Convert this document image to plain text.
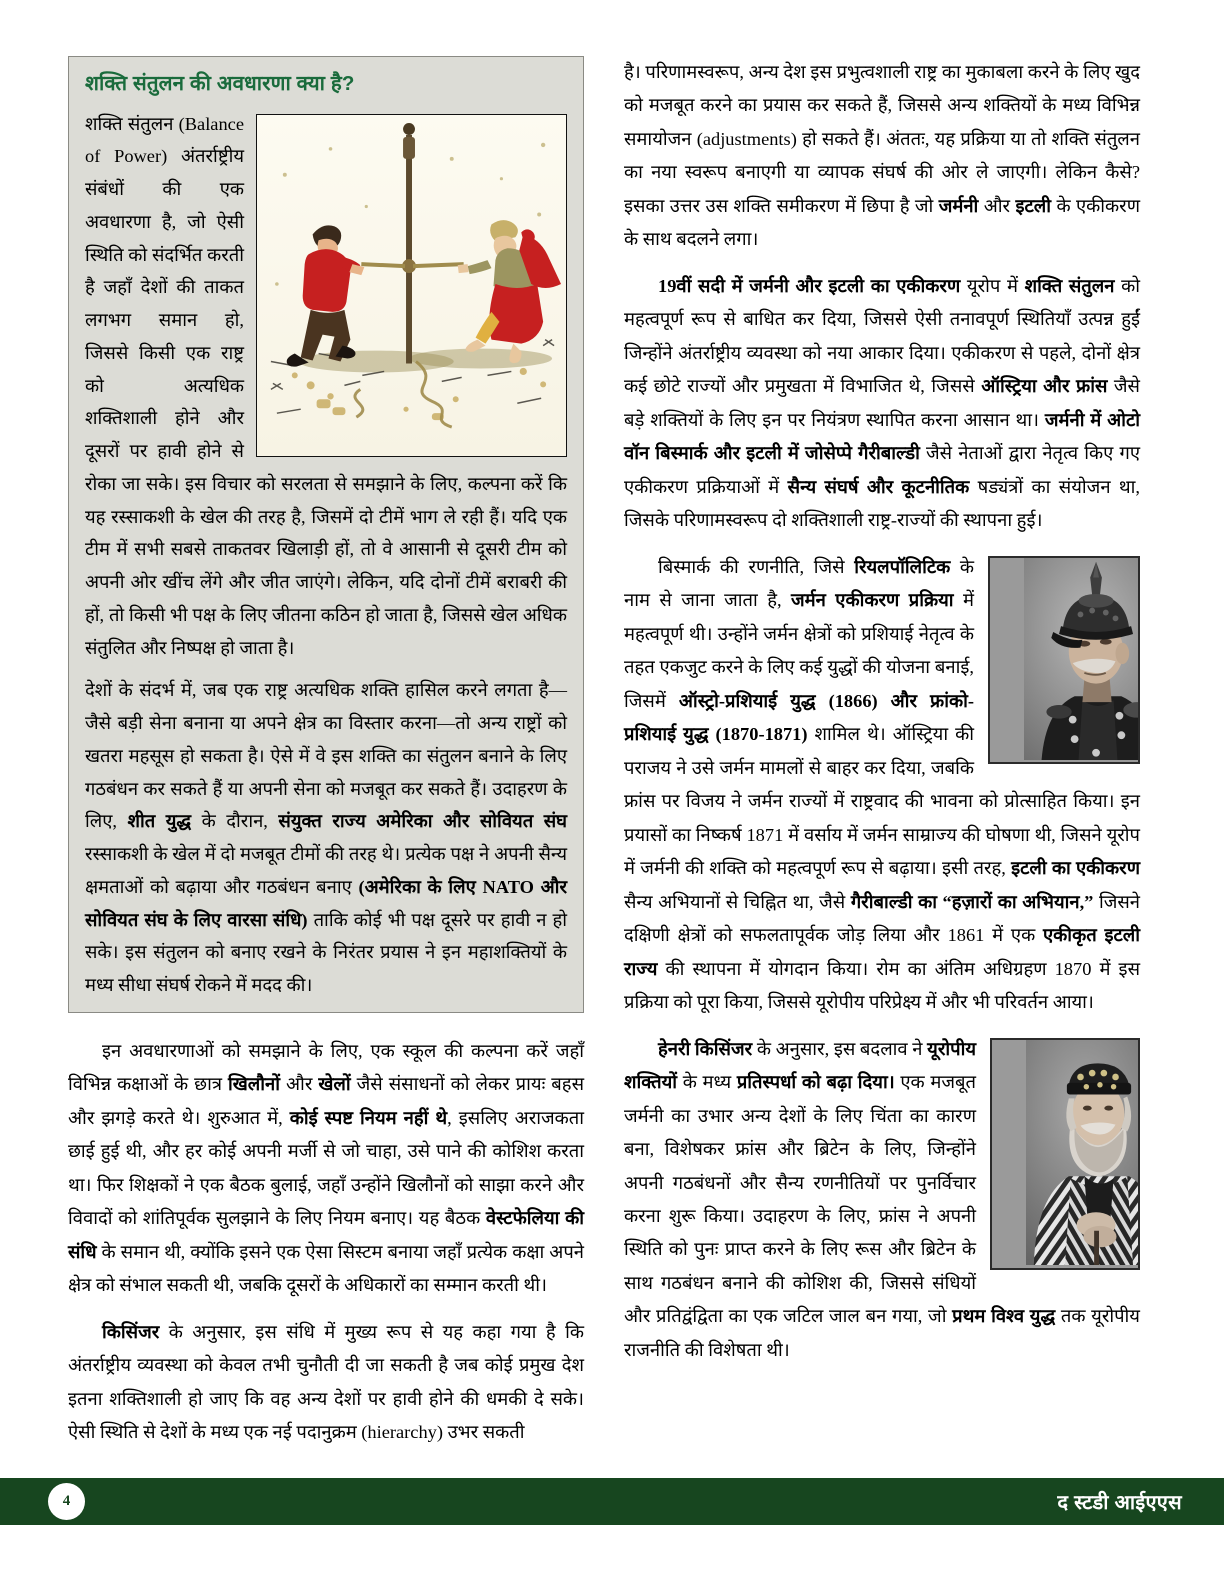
शक्ति संतुलन की अवधारणा क्या है?

शक्ति संतुलन (Balance of Power) अंतर्राष्ट्रीय संबंधों की एक अवधारणा है, जो ऐसी स्थिति को संदर्भित करती है जहाँ देशों की ताकत लगभग समान हो, जिससे किसी एक राष्ट्र को अत्यधिक शक्तिशाली होने और दूसरों पर हावी होने से रोका जा सके। इस विचार को सरलता से समझाने के लिए, कल्पना करें कि यह रस्साकशी के खेल की तरह है, जिसमें दो टीमें भाग ले रही हैं। यदि एक टीम में सभी सबसे ताकतवर खिलाड़ी हों, तो वे आसानी से दूसरी टीम को अपनी ओर खींच लेंगे और जीत जाएंगे। लेकिन, यदि दोनों टीमें बराबरी की हों, तो किसी भी पक्ष के लिए जीतना कठिन हो जाता है, जिससे खेल अधिक संतुलित और निष्पक्ष हो जाता है।

देशों के संदर्भ में, जब एक राष्ट्र अत्यधिक शक्ति हासिल करने लगता है—जैसे बड़ी सेना बनाना या अपने क्षेत्र का विस्तार करना—तो अन्य राष्ट्रों को खतरा महसूस हो सकता है। ऐसे में वे इस शक्ति का संतुलन बनाने के लिए गठबंधन कर सकते हैं या अपनी सेना को मजबूत कर सकते हैं। उदाहरण के लिए, शीत युद्ध के दौरान, संयुक्त राज्य अमेरिका और सोवियत संघ रस्साकशी के खेल में दो मजबूत टीमों की तरह थे। प्रत्येक पक्ष ने अपनी सैन्य क्षमताओं को बढ़ाया और गठबंधन बनाए (अमेरिका के लिए NATO और सोवियत संघ के लिए वारसा संधि) ताकि कोई भी पक्ष दूसरे पर हावी न हो सके। इस संतुलन को बनाए रखने के निरंतर प्रयास ने इन महाशक्तियों के मध्य सीधा संघर्ष रोकने में मदद की।

इन अवधारणाओं को समझाने के लिए, एक स्कूल की कल्पना करें जहाँ विभिन्न कक्षाओं के छात्र खिलौनों और खेलों जैसे संसाधनों को लेकर प्रायः बहस और झगड़े करते थे। शुरुआत में, कोई स्पष्ट नियम नहीं थे, इसलिए अराजकता छाई हुई थी, और हर कोई अपनी मर्जी से जो चाहा, उसे पाने की कोशिश करता था। फिर शिक्षकों ने एक बैठक बुलाई, जहाँ उन्होंने खिलौनों को साझा करने और विवादों को शांतिपूर्वक सुलझाने के लिए नियम बनाए। यह बैठक वेस्टफेलिया की संधि के समान थी, क्योंकि इसने एक ऐसा सिस्टम बनाया जहाँ प्रत्येक कक्षा अपने क्षेत्र को संभाल सकती थी, जबकि दूसरों के अधिकारों का सम्मान करती थी।

किसिंजर के अनुसार, इस संधि में मुख्य रूप से यह कहा गया है कि अंतर्राष्ट्रीय व्यवस्था को केवल तभी चुनौती दी जा सकती है जब कोई प्रमुख देश इतना शक्तिशाली हो जाए कि वह अन्य देशों पर हावी होने की धमकी दे सके। ऐसी स्थिति से देशों के मध्य एक नई पदानुक्रम (hierarchy) उभर सकती

है। परिणामस्वरूप, अन्य देश इस प्रभुत्वशाली राष्ट्र का मुकाबला करने के लिए खुद को मजबूत करने का प्रयास कर सकते हैं, जिससे अन्य शक्तियों के मध्य विभिन्न समायोजन (adjustments) हो सकते हैं। अंततः, यह प्रक्रिया या तो शक्ति संतुलन का नया स्वरूप बनाएगी या व्यापक संघर्ष की ओर ले जाएगी। लेकिन कैसे? इसका उत्तर उस शक्ति समीकरण में छिपा है जो जर्मनी और इटली के एकीकरण के साथ बदलने लगा।

19वीं सदी में जर्मनी और इटली का एकीकरण यूरोप में शक्ति संतुलन को महत्वपूर्ण रूप से बाधित कर दिया, जिससे ऐसी तनावपूर्ण स्थितियाँ उत्पन्न हुईं जिन्होंने अंतर्राष्ट्रीय व्यवस्था को नया आकार दिया। एकीकरण से पहले, दोनों क्षेत्र कई छोटे राज्यों और प्रमुखता में विभाजित थे, जिससे ऑस्ट्रिया और फ्रांस जैसे बड़े शक्तियों के लिए इन पर नियंत्रण स्थापित करना आसान था। जर्मनी में ओटो वॉन बिस्मार्क और इटली में जोसेप्पे गैरीबाल्डी जैसे नेताओं द्वारा नेतृत्व किए गए एकीकरण प्रक्रियाओं में सैन्य संघर्ष और कूटनीतिक षड्यंत्रों का संयोजन था, जिसके परिणामस्वरूप दो शक्तिशाली राष्ट्र-राज्यों की स्थापना हुई।

बिस्मार्क की रणनीति, जिसे रियलपॉलिटिक के नाम से जाना जाता है, जर्मन एकीकरण प्रक्रिया में महत्वपूर्ण थी। उन्होंने जर्मन क्षेत्रों को प्रशियाई नेतृत्व के तहत एकजुट करने के लिए कई युद्धों की योजना बनाई, जिसमें ऑस्ट्रो-प्रशियाई युद्ध (1866) और फ्रांको-प्रशियाई युद्ध (1870-1871) शामिल थे। ऑस्ट्रिया की पराजय ने उसे जर्मन मामलों से बाहर कर दिया, जबकि फ्रांस पर विजय ने जर्मन राज्यों में राष्ट्रवाद की भावना को प्रोत्साहित किया। इन प्रयासों का निष्कर्ष 1871 में वर्साय में जर्मन साम्राज्य की घोषणा थी, जिसने यूरोप में जर्मनी की शक्ति को महत्वपूर्ण रूप से बढ़ाया। इसी तरह, इटली का एकीकरण सैन्य अभियानों से चिह्नित था, जैसे गैरीबाल्डी का “हज़ारों का अभियान,” जिसने दक्षिणी क्षेत्रों को सफलतापूर्वक जोड़ लिया और 1861 में एक एकीकृत इटली राज्य की स्थापना में योगदान किया। रोम का अंतिम अधिग्रहण 1870 में इस प्रक्रिया को पूरा किया, जिससे यूरोपीय परिप्रेक्ष्य में और भी परिवर्तन आया।

हेनरी किसिंजर के अनुसार, इस बदलाव ने यूरोपीय शक्तियों के मध्य प्रतिस्पर्धा को बढ़ा दिया। एक मजबूत जर्मनी का उभार अन्य देशों के लिए चिंता का कारण बना, विशेषकर फ्रांस और ब्रिटेन के लिए, जिन्होंने अपनी गठबंधनों और सैन्य रणनीतियों पर पुनर्विचार करना शुरू किया। उदाहरण के लिए, फ्रांस ने अपनी स्थिति को पुनः प्राप्त करने के लिए रूस और ब्रिटेन के साथ गठबंधन बनाने की कोशिश की, जिससे संधियों और प्रतिद्वंद्विता का एक जटिल जाल बन गया, जो प्रथम विश्व युद्ध तक यूरोपीय राजनीति की विशेषता थी।

4	द स्टडी आईएएस
